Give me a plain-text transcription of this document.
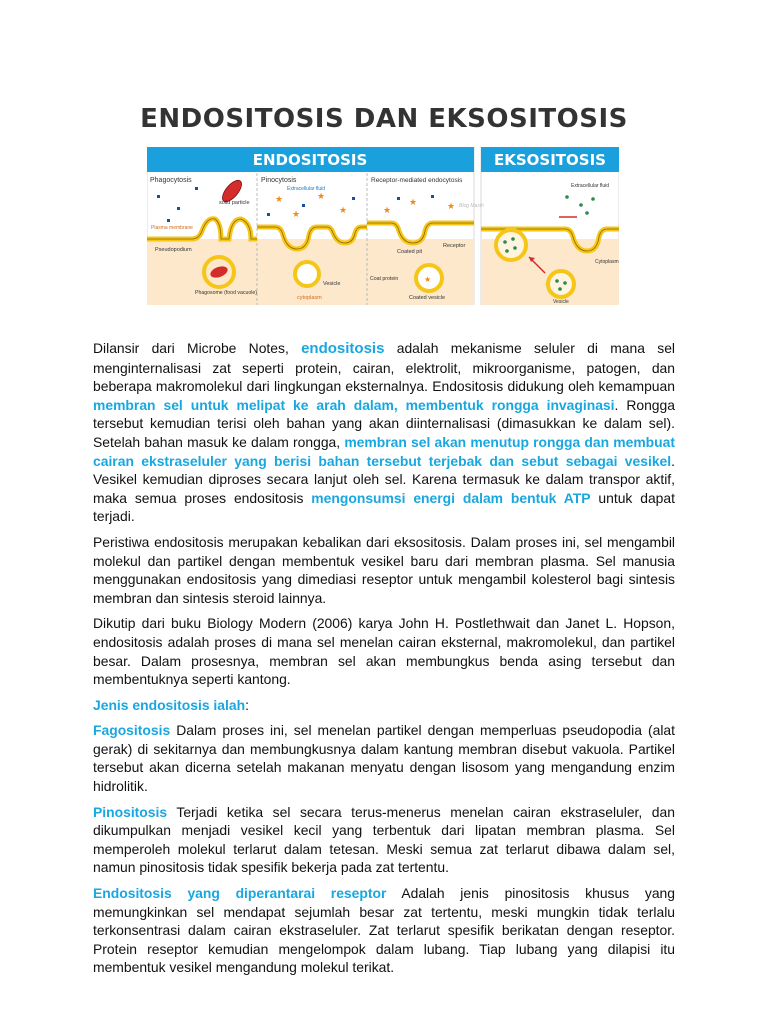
ENDOSITOSIS DAN EKSOSITOSIS
ENDOSITOSIS	EKSOSITOSIS
Phagocytosis
solid particle
Plasma membrane
Pseudopodium
Phagosome (food vacuole)
Pinocytosis
Extracellular fluid
Vesicle
cytoplasm
★	★
★
★
Receptor-mediated endocytosis
Receptor
Coated pit
Coat protein
Coated vesicle
★
★	★
★
Blog Masih
Extracellular fluid
Cytoplasm
Vesicle

Dilansir dari Microbe Notes, endositosis adalah mekanisme seluler di mana sel menginternalisasi zat seperti protein, cairan, elektrolit, mikroorganisme, patogen, dan beberapa makromolekul dari lingkungan eksternalnya. Endositosis didukung oleh kemampuan membran sel untuk melipat ke arah dalam, membentuk rongga invaginasi. Rongga tersebut kemudian terisi oleh bahan yang akan diinternalisasi (dimasukkan ke dalam sel). Setelah bahan masuk ke dalam rongga, membran sel akan menutup rongga dan membuat cairan ekstraseluler yang berisi bahan tersebut terjebak dan sebut sebagai vesikel. Vesikel kemudian diproses secara lanjut oleh sel. Karena termasuk ke dalam transpor aktif, maka semua proses endositosis mengonsumsi energi dalam bentuk ATP untuk dapat terjadi.

Peristiwa endositosis merupakan kebalikan dari eksositosis. Dalam proses ini, sel mengambil molekul dan partikel dengan membentuk vesikel baru dari membran plasma. Sel manusia menggunakan endositosis yang dimediasi reseptor untuk mengambil kolesterol bagi sintesis membran dan sintesis steroid lainnya.

Dikutip dari buku Biology Modern (2006) karya John H. Postlethwait dan Janet L. Hopson, endositosis adalah proses di mana sel menelan cairan eksternal, makromolekul, dan partikel besar. Dalam prosesnya, membran sel akan membungkus benda asing tersebut dan membentuknya seperti kantong.

Jenis endositosis ialah:

Fagositosis Dalam proses ini, sel menelan partikel dengan memperluas pseudopodia (alat gerak) di sekitarnya dan membungkusnya dalam kantung membran disebut vakuola. Partikel tersebut akan dicerna setelah makanan menyatu dengan lisosom yang mengandung enzim hidrolitik.

Pinositosis Terjadi ketika sel secara terus-menerus menelan cairan ekstraseluler, dan dikumpulkan menjadi vesikel kecil yang terbentuk dari lipatan membran plasma. Sel memperoleh molekul terlarut dalam tetesan. Meski semua zat terlarut dibawa dalam sel, namun pinositosis tidak spesifik bekerja pada zat tertentu.

Endositosis yang diperantarai reseptor Adalah jenis pinositosis khusus yang memungkinkan sel mendapat sejumlah besar zat tertentu, meski mungkin tidak terlalu terkonsentrasi dalam cairan ekstraseluler. Zat terlarut spesifik berikatan dengan reseptor. Protein reseptor kemudian mengelompok dalam lubang. Tiap lubang yang dilapisi itu membentuk vesikel mengandung molekul terikat.
